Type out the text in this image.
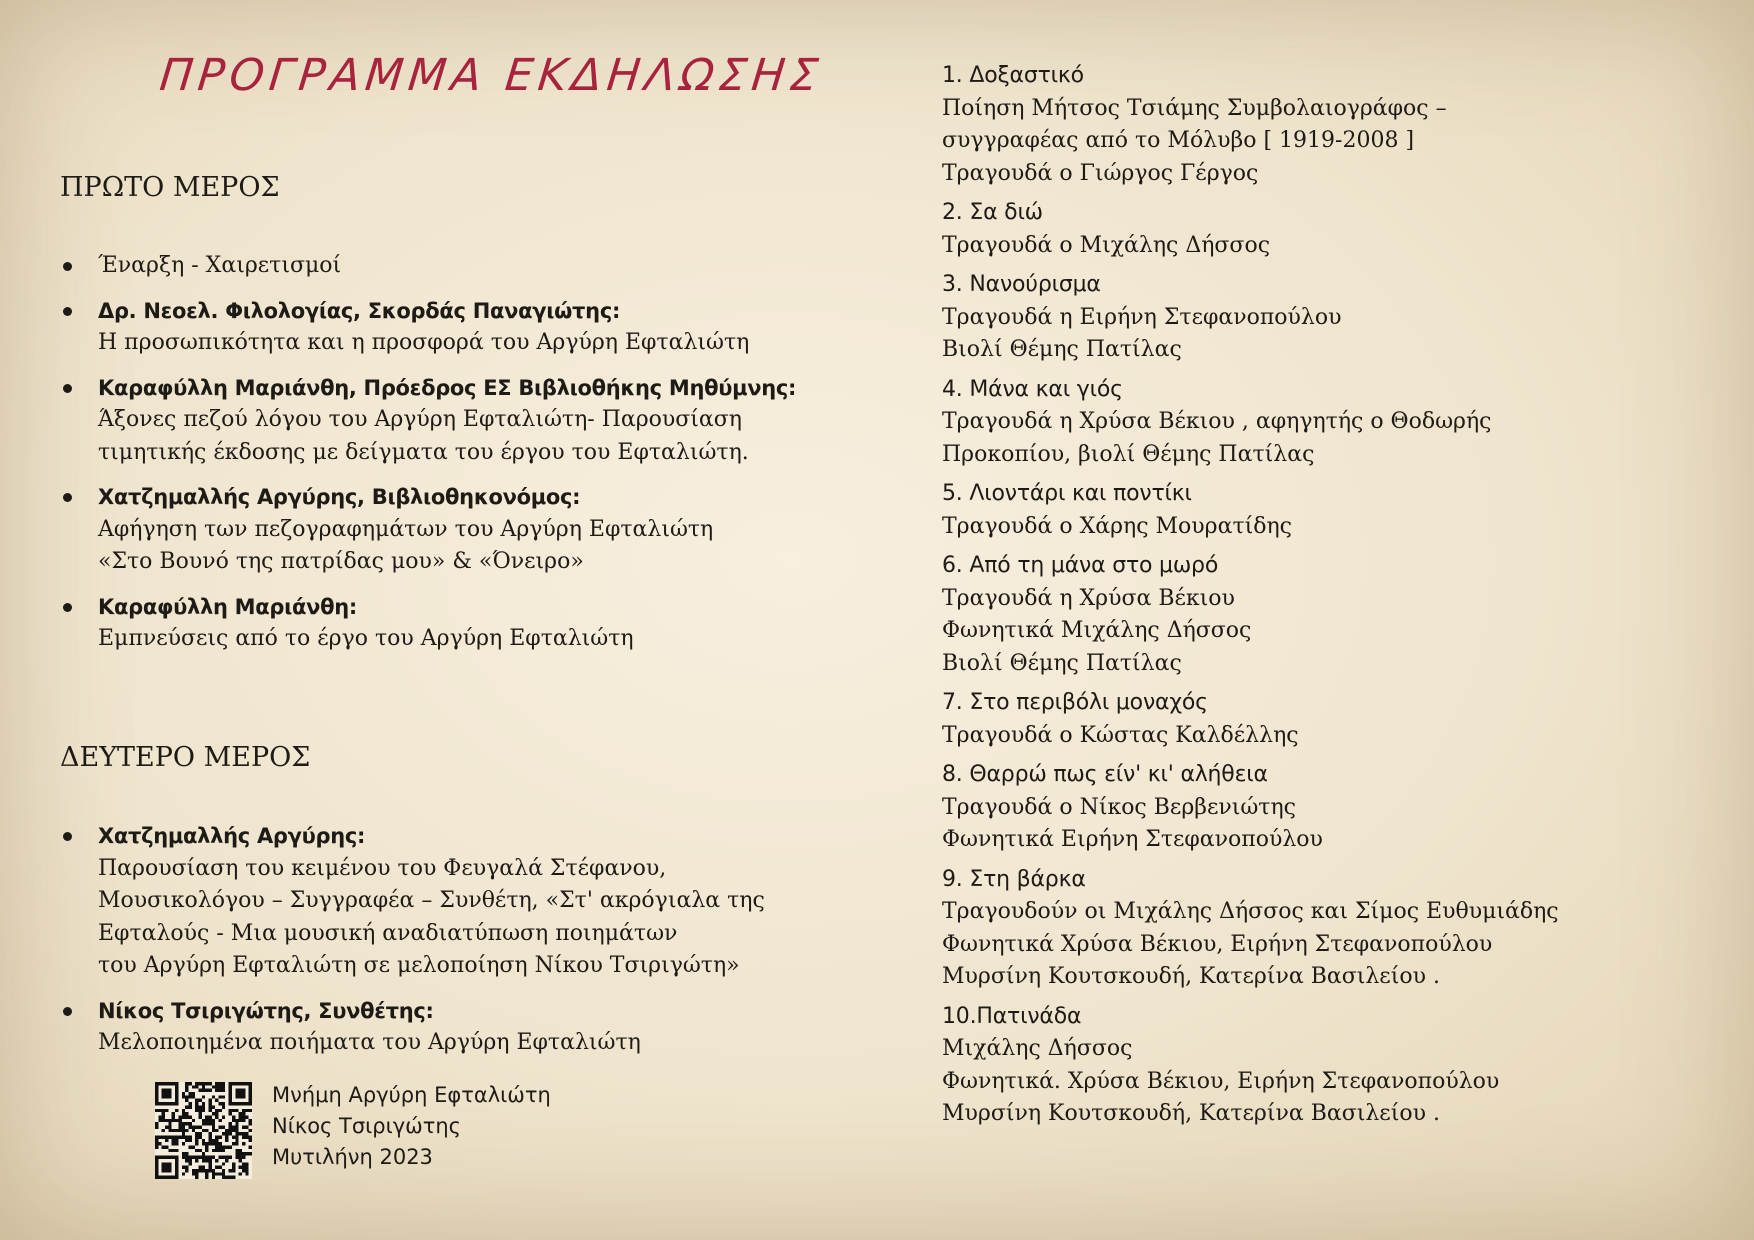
ΠΡΟΓΡΑΜΜΑ ΕΚΔΗΛΩΣΗΣ
ΠΡΩΤΟ ΜΕΡΟΣ
Έναρξη - Χαιρετισμοί
Δρ. Νεοελ. Φιλολογίας, Σκορδάς Παναγιώτης:
Η προσωπικότητα και η προσφορά του Αργύρη Εφταλιώτη
Καραφύλλη Μαριάνθη, Πρόεδρος ΕΣ Βιβλιοθήκης Μηθύμνης:
Άξονες πεζού λόγου του Αργύρη Εφταλιώτη- Παρουσίαση
τιμητικής έκδοσης με δείγματα του έργου του Εφταλιώτη.
Χατζημαλλής Αργύρης, Βιβλιοθηκονόμος:
Αφήγηση των πεζογραφημάτων του Αργύρη Εφταλιώτη
«Στο Βουνό της πατρίδας μου» & «Όνειρο»
Καραφύλλη Μαριάνθη:
Εμπνεύσεις από το έργο του Αργύρη Εφταλιώτη
ΔΕΥΤΕΡΟ ΜΕΡΟΣ
Χατζημαλλής Αργύρης:
Παρουσίαση του κειμένου του Φευγαλά Στέφανου,
Μουσικολόγου – Συγγραφέα – Συνθέτη, «Στ' ακρόγιαλα της
Εφταλούς - Μια μουσική αναδιατύπωση ποιημάτων
του Αργύρη Εφταλιώτη σε μελοποίηση Νίκου Τσιριγώτη»
Νίκος Τσιριγώτης, Συνθέτης:
Μελοποιημένα ποιήματα του Αργύρη Εφταλιώτη
Μνήμη Αργύρη Εφταλιώτη
Νίκος Τσιριγώτης
Μυτιλήνη 2023
1. Δοξαστικό
Ποίηση Μήτσος Τσιάμης Συμβολαιογράφος –
συγγραφέας από το Μόλυβο [ 1919-2008 ]
Τραγουδά ο Γιώργος Γέργος
2. Σα διώ
Τραγουδά ο Μιχάλης Δήσσος
3. Νανούρισμα
Τραγουδά η Ειρήνη Στεφανοπούλου
Βιολί Θέμης Πατίλας
4. Μάνα και γιός
Τραγουδά η Χρύσα Βέκιου , αφηγητής ο Θοδωρής
Προκοπίου, βιολί Θέμης Πατίλας
5. Λιοντάρι και ποντίκι
Τραγουδά ο Χάρης Μουρατίδης
6. Από τη μάνα στο μωρό
Τραγουδά η Χρύσα Βέκιου
Φωνητικά Μιχάλης Δήσσος
Βιολί Θέμης Πατίλας
7. Στο περιβόλι μοναχός
Τραγουδά ο Κώστας Καλδέλλης
8. Θαρρώ πως είν' κι' αλήθεια
Τραγουδά ο Νίκος Βερβενιώτης
Φωνητικά Ειρήνη Στεφανοπούλου
9. Στη βάρκα
Τραγουδούν οι Μιχάλης Δήσσος και Σίμος Ευθυμιάδης
Φωνητικά Χρύσα Βέκιου, Ειρήνη Στεφανοπούλου
Μυρσίνη Κουτσκουδή, Κατερίνα Βασιλείου .
10.Πατινάδα
Μιχάλης Δήσσος
Φωνητικά. Χρύσα Βέκιου, Ειρήνη Στεφανοπούλου
Μυρσίνη Κουτσκουδή, Κατερίνα Βασιλείου .
